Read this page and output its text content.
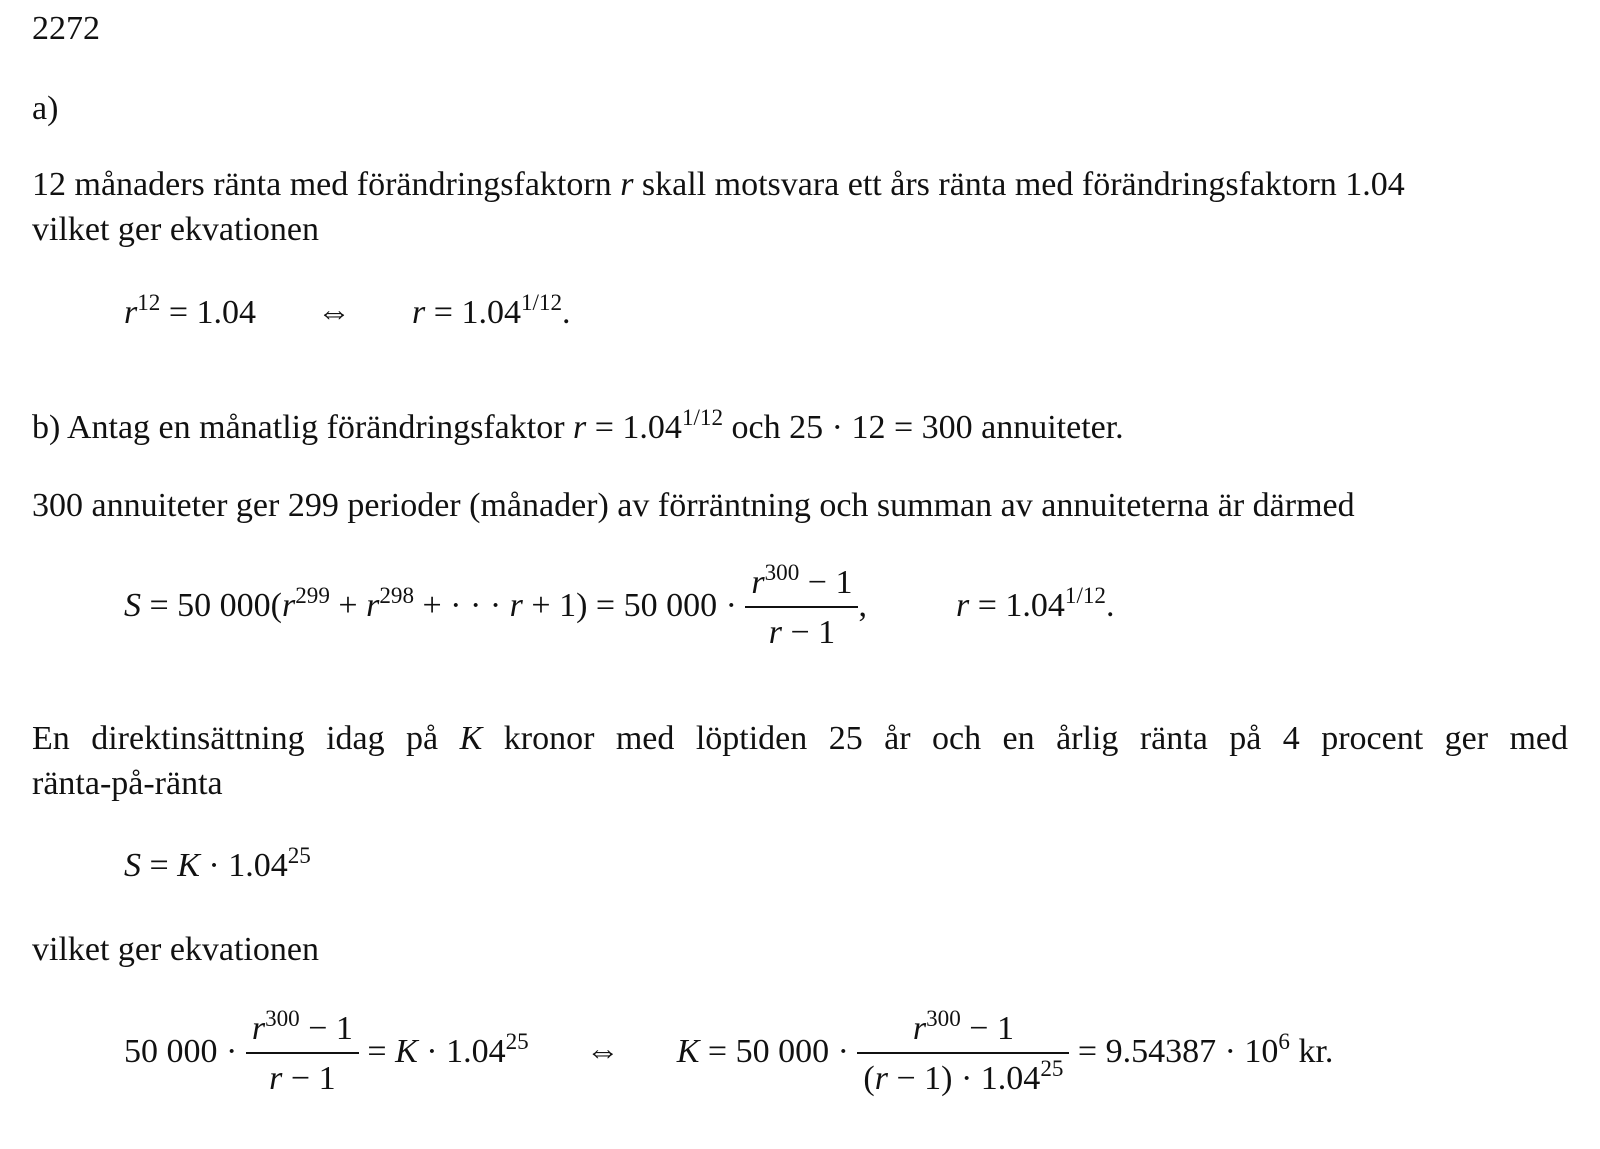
2272
a)
12 månaders ränta med förändringsfaktorn r skall motsvara ett års ränta med förändringsfaktorn 1.04
vilket ger ekvationen
$r^{12} = 1.04$ ⇔ $r = 1.04^{1/12}$.
b) Antag en månatlig förändringsfaktor $r = 1.04^{1/12}$ och 25 · 12 = 300 annuiteter.
300 annuiteter ger 299 perioder (månader) av förräntning och summan av annuiteterna är därmed
S = 50 $000(r^{299} + r^{298}$ + · · · r + 1) = 50 $000 \cdot \frac{r^{300} - 1}{r - 1}$ ,	$r = 1.04^{1/12}$.
En direktinsättning idag på K kronor med löptiden 25 år och en årlig ränta på 4 procent ger med
ränta-på-ränta
$S = K \cdot 1.04^{25}$
vilket ger ekvationen
50 $000 \cdot \frac{r^{300} - 1}{r - 1} = K \cdot 1.04^{25}$ ⇔ K = 50 $000 \cdot \frac{r^{300} - 1}{(r - 1) \cdot 1.04^{25}} = 9.54387 \cdot 10^6$ kr.
